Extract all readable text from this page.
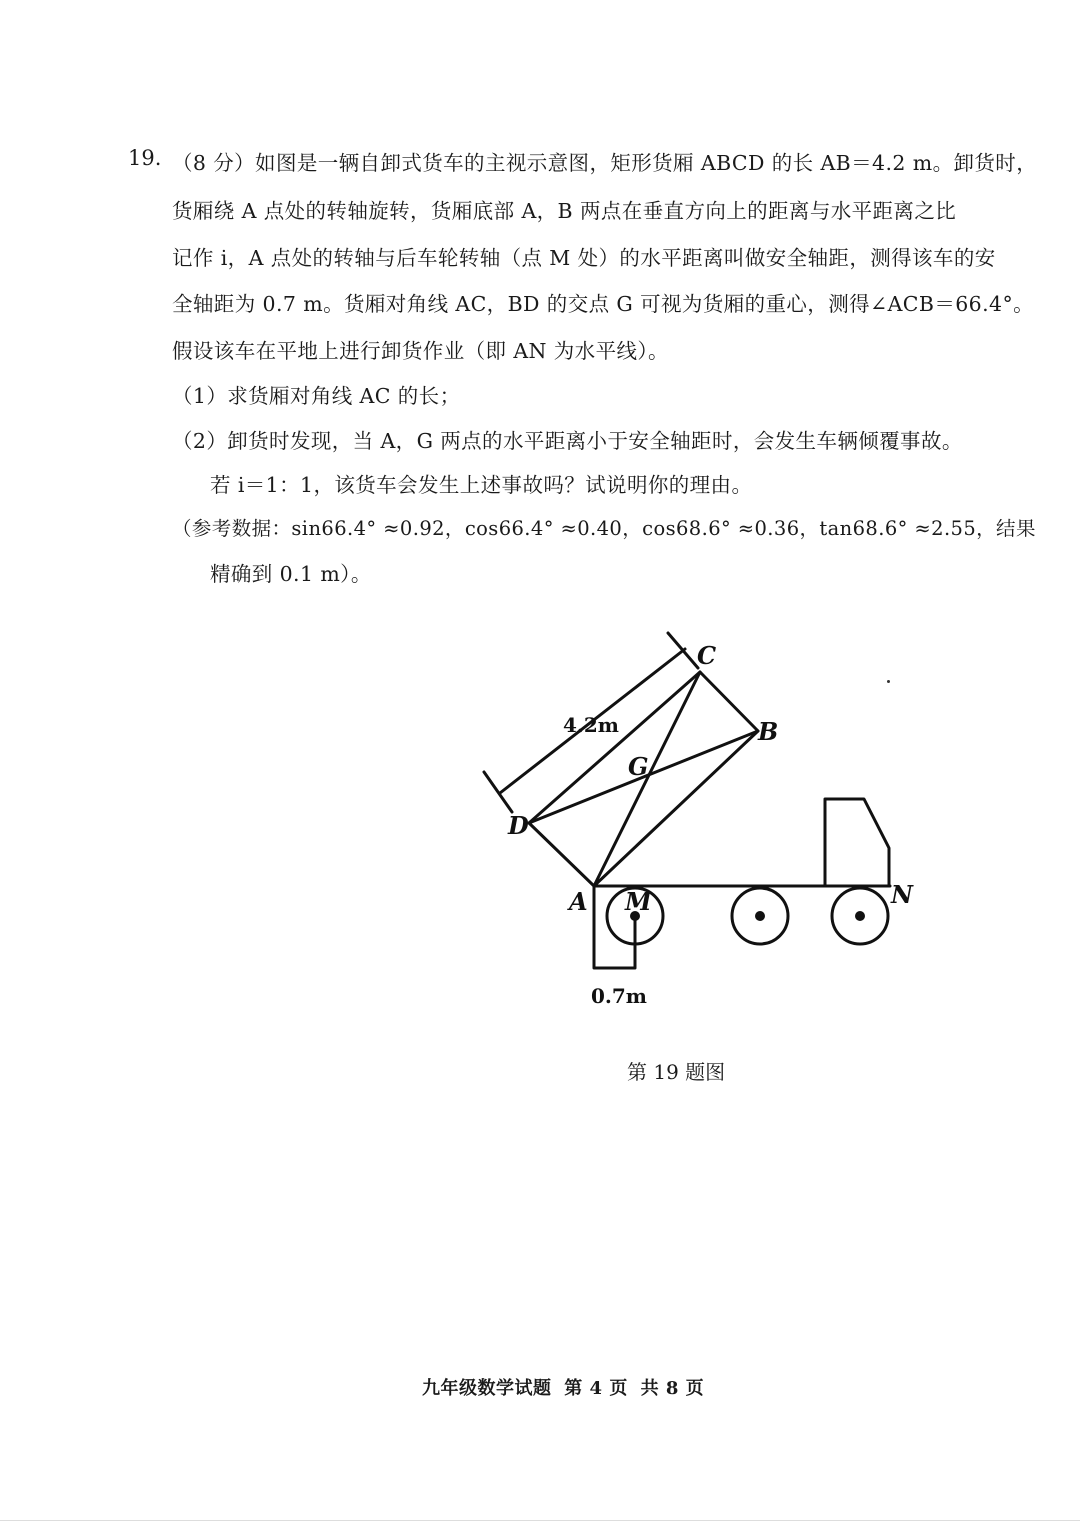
19. （8 分）如图是一辆自卸式货车的主视示意图，矩形货厢 ABCD 的长 AB＝4.2 m。卸货时，
货厢绕 A 点处的转轴旋转，货厢底部 A，B 两点在垂直方向上的距离与水平距离之比
记作 i，A 点处的转轴与后车轮转轴（点 M 处）的水平距离叫做安全轴距，测得该车的安
全轴距为 0.7 m。货厢对角线 AC，BD 的交点 G 可视为货厢的重心，测得∠ACB＝66.4°。
假设该车在平地上进行卸货作业（即 AN 为水平线）。
（1）求货厢对角线 AC 的长；
（2）卸货时发现，当 A，G 两点的水平距离小于安全轴距时，会发生车辆倾覆事故。
若 i＝1：1，该货车会发生上述事故吗？试说明你的理由。
（参考数据：sin66.4° ≈0.92，cos66.4° ≈0.40，cos68.6° ≈0.36，tan68.6° ≈2.55，结果
精确到 0.1 m）。
C
B
G
D
A M	N
4.2m
0.7m
第 19 题图
九年级数学试题 第 4 页 共 8 页
